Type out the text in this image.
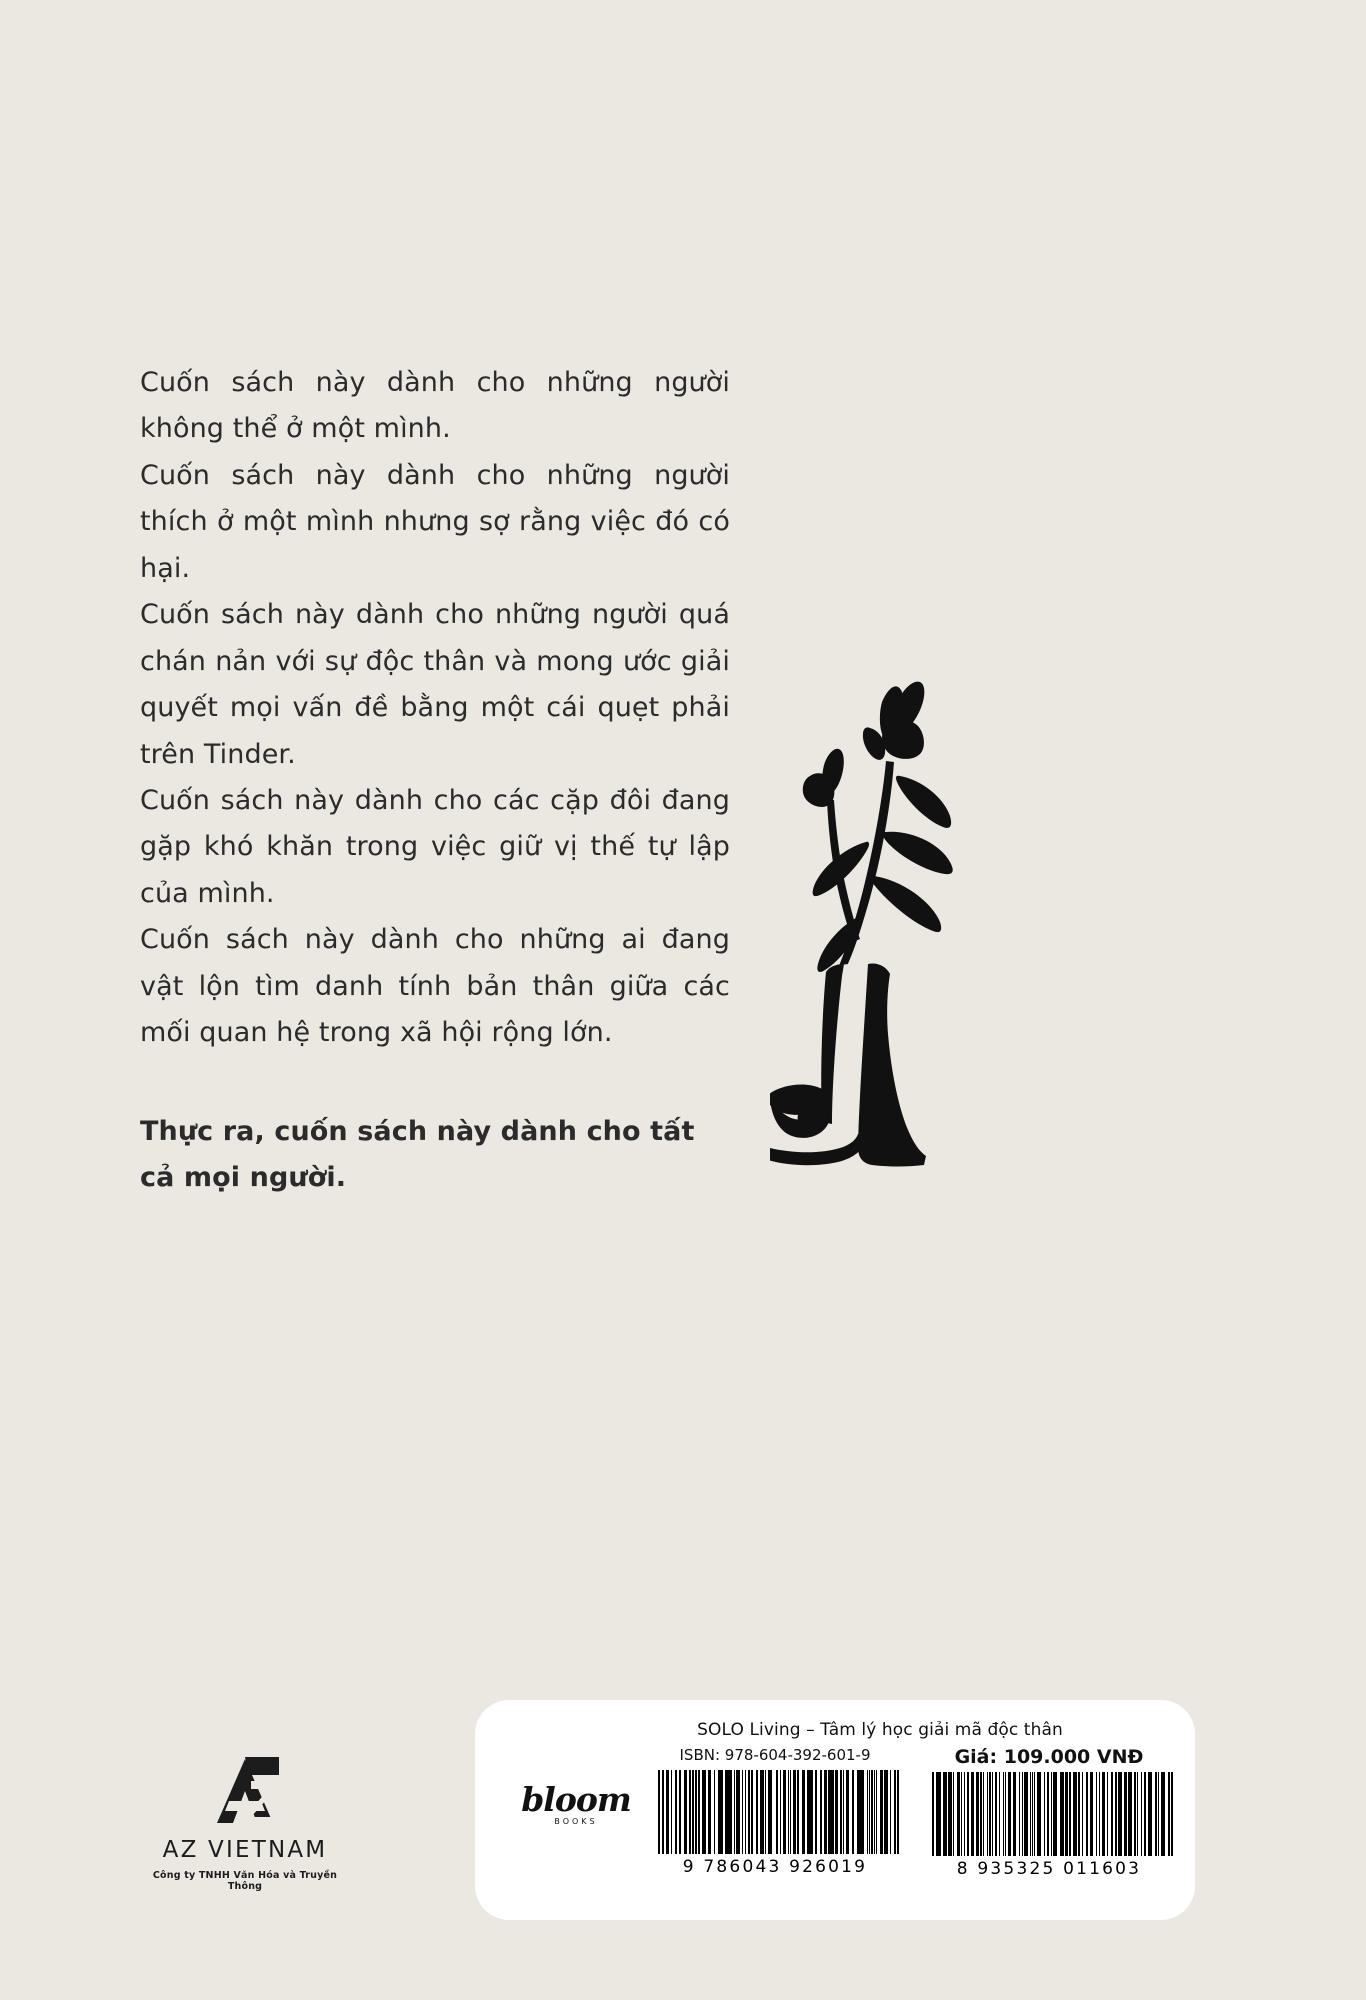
Cuốn sách này dành cho những người không thể ở một mình.

Cuốn sách này dành cho những người thích ở một mình nhưng sợ rằng việc đó có hại.

Cuốn sách này dành cho những người quá chán nản với sự độc thân và mong ước giải quyết mọi vấn đề bằng một cái quẹt phải trên Tinder.

Cuốn sách này dành cho các cặp đôi đang gặp khó khăn trong việc giữ vị thế tự lập của mình.

Cuốn sách này dành cho những ai đang vật lộn tìm danh tính bản thân giữa các mối quan hệ trong xã hội rộng lớn.

Thực ra, cuốn sách này dành cho tất cả mọi người.

AZ VIETNAM
Công ty TNHH Văn Hóa và Truyền Thông
SOLO Living – Tâm lý học giải mã độc thân
bloom
BOOKS
ISBN: 978-604-392-601-9
9 786043 926019
Giá: 109.000 VNĐ
8 935325 011603
